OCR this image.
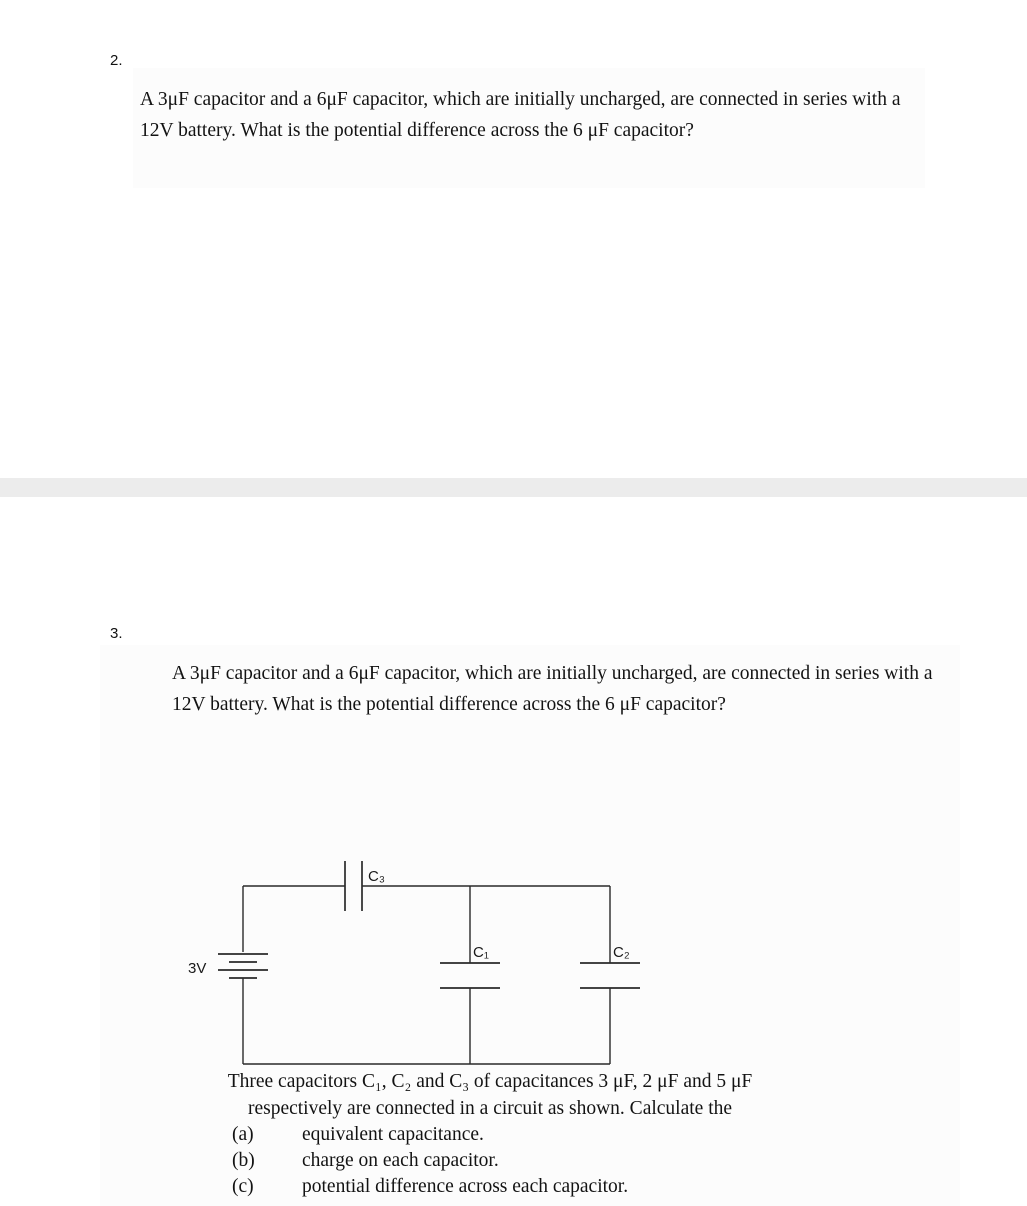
2.
A 3μF capacitor and a 6μF capacitor, which are initially uncharged, are connected in series with a 12V battery. What is the potential difference across the 6 μF capacitor?
3.
A 3μF capacitor and a 6μF capacitor, which are initially uncharged, are connected in series with a 12V battery. What is the potential difference across the 6 μF capacitor?
C₃
3V
C₁	C₂
Three capacitors C₁, C₂ and C₃ of capacitances 3 μF, 2 μF and 5 μF
respectively are connected in a circuit as shown. Calculate the
(a)	equivalent capacitance.
(b)	charge on each capacitor.
(c)	potential difference across each capacitor.
